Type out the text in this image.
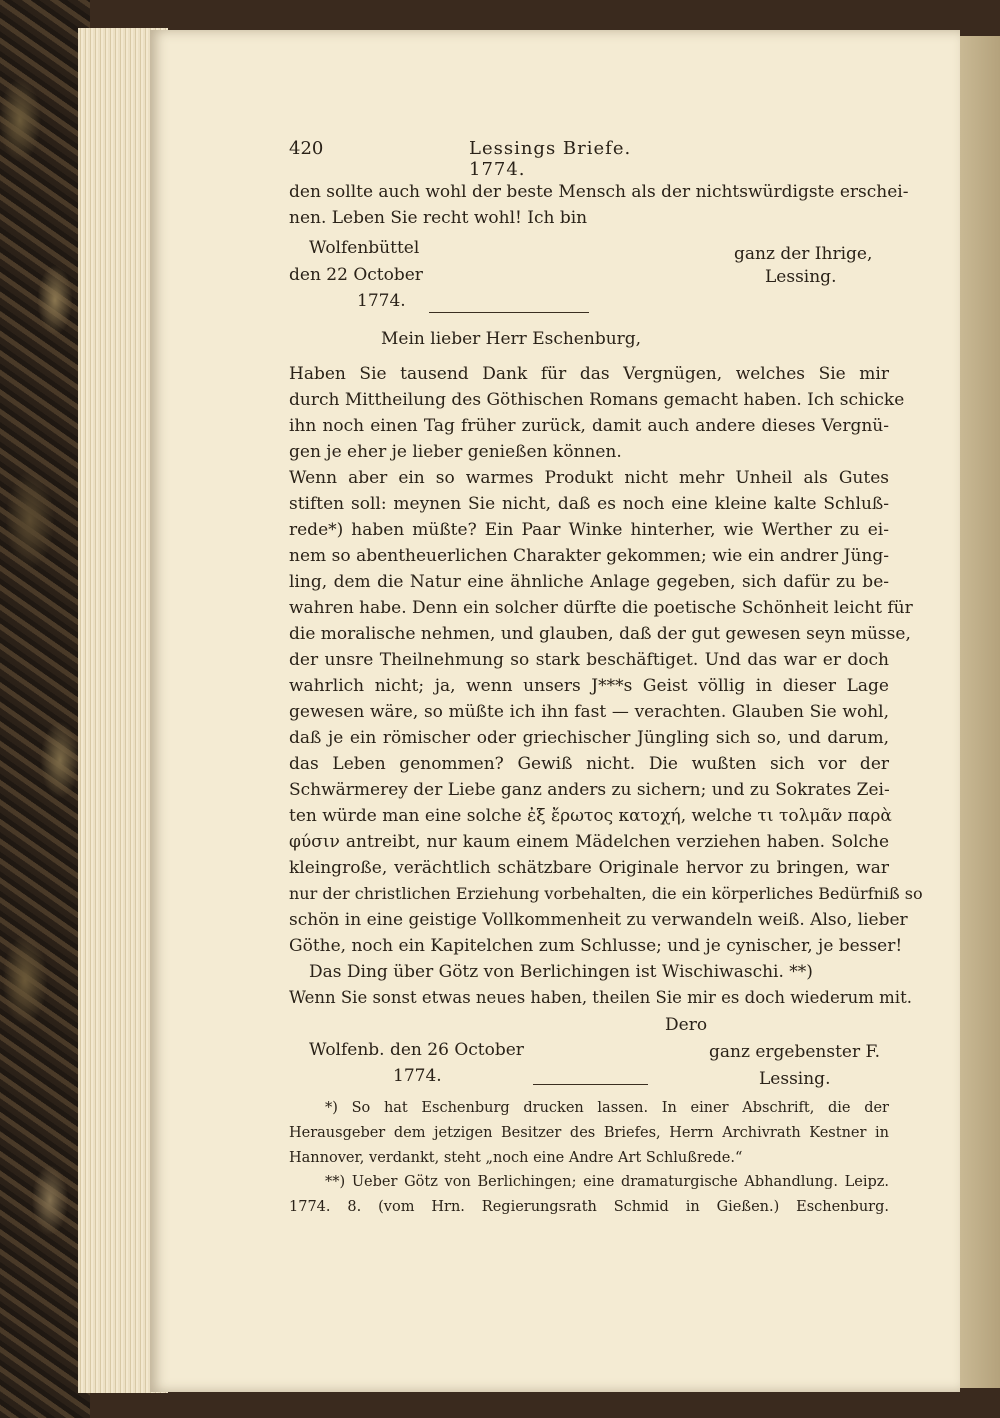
420	Lessings Briefe. 1774.
den sollte auch wohl der beste Mensch als der nichtswürdigste erschei-
nen. Leben Sie recht wohl! Ich bin
Wolfenbüttel	ganz der Ihrige,
den 22 October	Lessing.
1774.
Mein lieber Herr Eschenburg,
Haben Sie tausend Dank für das Vergnügen, welches Sie mir
durch Mittheilung des Göthischen Romans gemacht haben. Ich schicke
ihn noch einen Tag früher zurück, damit auch andere dieses Vergnü-
gen je eher je lieber genießen können.
Wenn aber ein so warmes Produkt nicht mehr Unheil als Gutes
stiften soll: meynen Sie nicht, daß es noch eine kleine kalte Schluß-
rede*) haben müßte? Ein Paar Winke hinterher, wie Werther zu ei-
nem so abentheuerlichen Charakter gekommen; wie ein andrer Jüng-
ling, dem die Natur eine ähnliche Anlage gegeben, sich dafür zu be-
wahren habe. Denn ein solcher dürfte die poetische Schönheit leicht für
die moralische nehmen, und glauben, daß der gut gewesen seyn müsse,
der unsre Theilnehmung so stark beschäftiget. Und das war er doch
wahrlich nicht; ja, wenn unsers J***s Geist völlig in dieser Lage
gewesen wäre, so müßte ich ihn fast — verachten. Glauben Sie wohl,
daß je ein römischer oder griechischer Jüngling sich so, und darum,
das Leben genommen? Gewiß nicht. Die wußten sich vor der
Schwärmerey der Liebe ganz anders zu sichern; und zu Sokrates Zei-
ten würde man eine solche ἐξ ἔρωτος κατοχή, welche τι τολμᾶν παρὰ
φύσιν antreibt, nur kaum einem Mädelchen verziehen haben. Solche
kleingroße, verächtlich schätzbare Originale hervor zu bringen, war
nur der christlichen Erziehung vorbehalten, die ein körperliches Bedürfniß so
schön in eine geistige Vollkommenheit zu verwandeln weiß. Also, lieber
Göthe, noch ein Kapitelchen zum Schlusse; und je cynischer, je besser!
Das Ding über Götz von Berlichingen ist Wischiwaschi. **)
Wenn Sie sonst etwas neues haben, theilen Sie mir es doch wiederum mit.
Dero
Wolfenb. den 26 October	ganz ergebenster F.
1774.	Lessing.
*) So hat Eschenburg drucken lassen. In einer Abschrift, die der
Herausgeber dem jetzigen Besitzer des Briefes, Herrn Archivrath Kestner in
Hannover, verdankt, steht „noch eine Andre Art Schlußrede.“
**) Ueber Götz von Berlichingen; eine dramaturgische Abhandlung. Leipz.
1774. 8. (vom Hrn. Regierungsrath Schmid in Gießen.) Eschenburg.
